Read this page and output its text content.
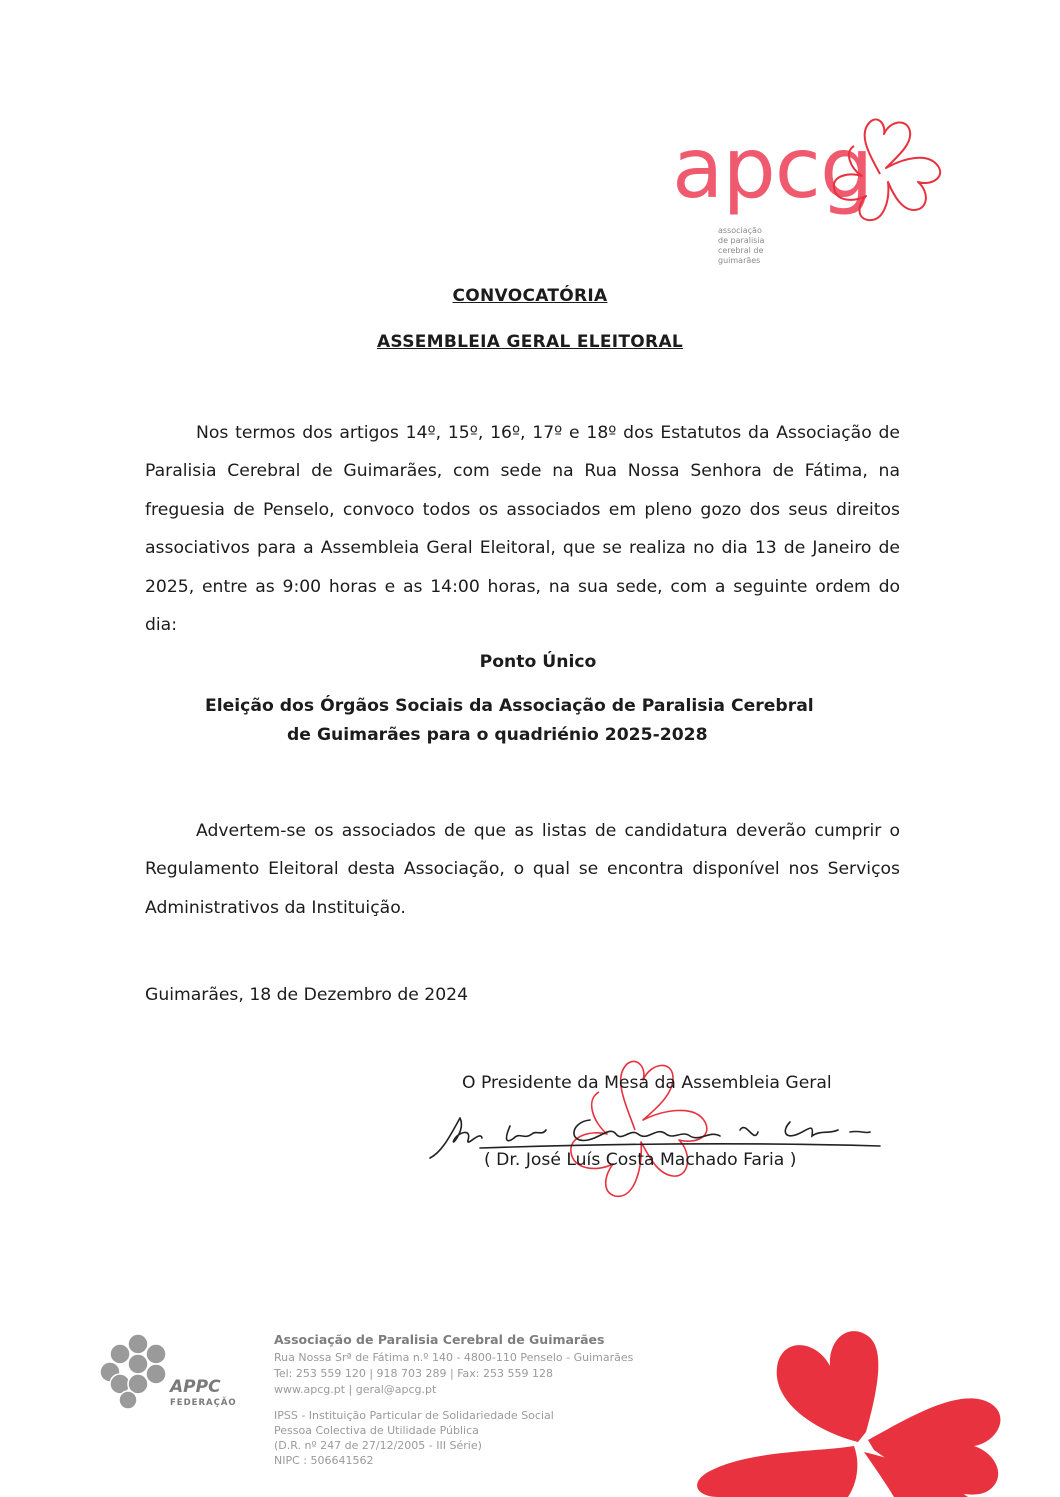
apcg
associação
de paralisia
cerebral de
guimarães
CONVOCATÓRIA
ASSEMBLEIA GERAL ELEITORAL

Nos termos dos artigos 14º, 15º, 16º, 17º e 18º dos Estatutos da Associação de Paralisia Cerebral de Guimarães, com sede na Rua Nossa Senhora de Fátima, na freguesia de Penselo, convoco todos os associados em pleno gozo dos seus direitos associativos para a Assembleia Geral Eleitoral, que se realiza no dia 13 de Janeiro de 2025, entre as 9:00 horas e as 14:00 horas, na sua sede, com a seguinte ordem do dia:

Ponto Único
Eleição dos Órgãos Sociais da Associação de Paralisia Cerebral
de Guimarães para o quadriénio 2025-2028

Advertem-se os associados de que as listas de candidatura deverão cumprir o Regulamento Eleitoral desta Associação, o qual se encontra disponível nos Serviços Administrativos da Instituição.

Guimarães, 18 de Dezembro de 2024
O Presidente da Mesa da Assembleia Geral
( Dr. José Luís Costa Machado Faria )
APPC
FEDERAÇÃO
Associação de Paralisia Cerebral de Guimarães
Rua Nossa Srª de Fátima n.º 140 - 4800-110 Penselo - Guimarães
Tel: 253 559 120 | 918 703 289 | Fax: 253 559 128
www.apcg.pt | geral@apcg.pt
IPSS - Instituição Particular de Solidariedade Social
Pessoa Colectiva de Utilidade Pública
(D.R. nº 247 de 27/12/2005 - III Série)
NIPC : 506641562
